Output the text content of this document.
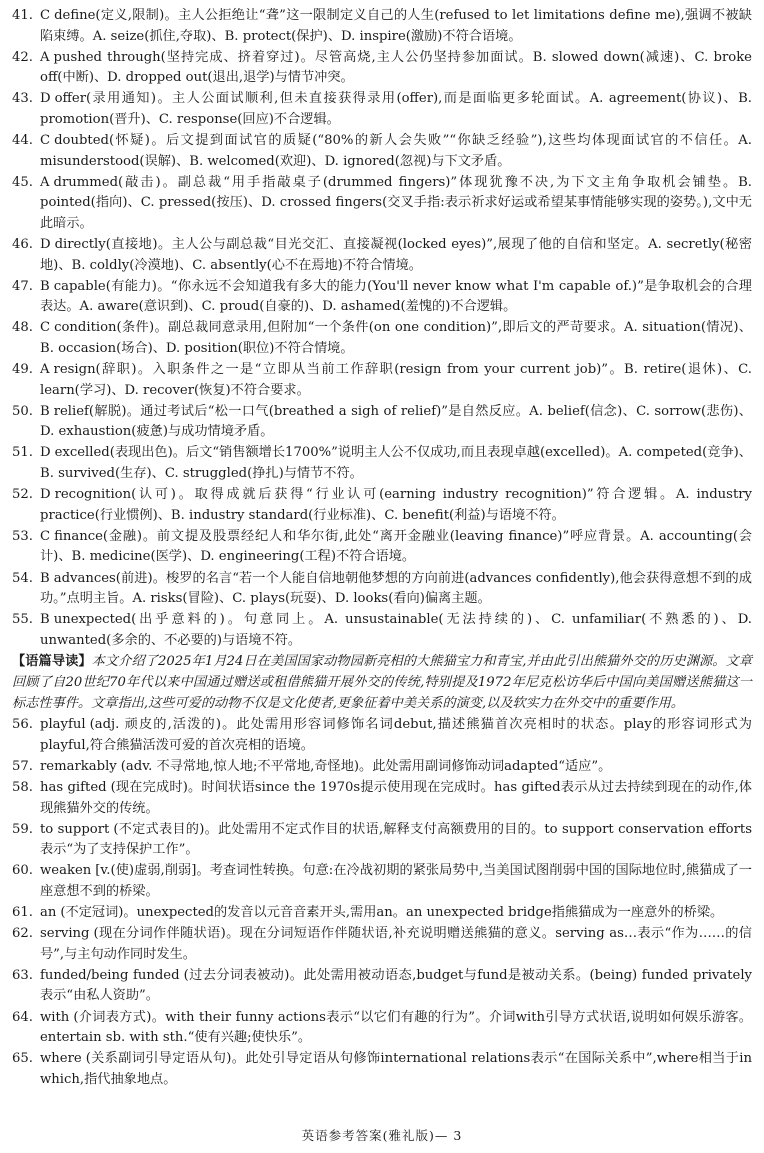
41. C define(定义,限制)。主人公拒绝让“聋”这一限制定义自己的人生(refused to let limitations define me),强调不被缺陷束缚。A. seize(抓住,夺取)、B. protect(保护)、D. inspire(激励)不符合语境。
42. A pushed through(坚持完成、挤着穿过)。尽管高烧,主人公仍坚持参加面试。B. slowed down(减速)、C. broke off(中断)、D. dropped out(退出,退学)与情节冲突。
43. D offer(录用通知)。主人公面试顺利,但未直接获得录用(offer),而是面临更多轮面试。A. agreement(协议)、B. promotion(晋升)、C. response(回应)不合逻辑。
44. C doubted(怀疑)。后文提到面试官的质疑(“80%的新人会失败”“你缺乏经验”),这些均体现面试官的不信任。A. misunderstood(误解)、B. welcomed(欢迎)、D. ignored(忽视)与下文矛盾。
45. A drummed(敲击)。副总裁“用手指敲桌子(drummed fingers)”体现犹豫不决,为下文主角争取机会铺垫。B. pointed(指向)、C. pressed(按压)、D. crossed fingers(交叉手指:表示祈求好运或希望某事情能够实现的姿势。),文中无此暗示。
46. D directly(直接地)。主人公与副总裁“目光交汇、直接凝视(locked eyes)”,展现了他的自信和坚定。A. secretly(秘密地)、B. coldly(冷漠地)、C. absently(心不在焉地)不符合情境。
47. B capable(有能力)。“你永远不会知道我有多大的能力(You'll never know what I'm capable of.)”是争取机会的合理表达。A. aware(意识到)、C. proud(自豪的)、D. ashamed(羞愧的)不合逻辑。
48. C condition(条件)。副总裁同意录用,但附加“一个条件(on one condition)”,即后文的严苛要求。A. situation(情况)、B. occasion(场合)、D. position(职位)不符合情境。
49. A resign(辞职)。入职条件之一是“立即从当前工作辞职(resign from your current job)”。B. retire(退休)、C. learn(学习)、D. recover(恢复)不符合要求。
50. B relief(解脱)。通过考试后“松一口气(breathed a sigh of relief)”是自然反应。A. belief(信念)、C. sorrow(悲伤)、D. exhaustion(疲惫)与成功情境矛盾。
51. D excelled(表现出色)。后文“销售额增长1700%”说明主人公不仅成功,而且表现卓越(excelled)。A. competed(竞争)、B. survived(生存)、C. struggled(挣扎)与情节不符。
52. D recognition(认可)。取得成就后获得“行业认可(earning industry recognition)”符合逻辑。A. industry practice(行业惯例)、B. industry standard(行业标准)、C. benefit(利益)与语境不符。
53. C finance(金融)。前文提及股票经纪人和华尔街,此处“离开金融业(leaving finance)”呼应背景。A. accounting(会计)、B. medicine(医学)、D. engineering(工程)不符合语境。
54. B advances(前进)。梭罗的名言“若一个人能自信地朝他梦想的方向前进(advances confidently),他会获得意想不到的成功。”点明主旨。A. risks(冒险)、C. plays(玩耍)、D. looks(看向)偏离主题。
55. B unexpected(出乎意料的)。句意同上。A. unsustainable(无法持续的)、C. unfamiliar(不熟悉的)、D. unwanted(多余的、不必要的)与语境不符。
【语篇导读】本文介绍了2025年1月24日在美国国家动物园新亮相的大熊猫宝力和青宝,并由此引出熊猫外交的历史渊源。文章回顾了自20世纪70年代以来中国通过赠送或租借熊猫开展外交的传统,特别提及1972年尼克松访华后中国向美国赠送熊猫这一标志性事件。文章指出,这些可爱的动物不仅是文化使者,更象征着中美关系的演变,以及软实力在外交中的重要作用。
56. playful (adj. 顽皮的,活泼的)。此处需用形容词修饰名词debut,描述熊猫首次亮相时的状态。play的形容词形式为playful,符合熊猫活泼可爱的首次亮相的语境。
57. remarkably (adv. 不寻常地,惊人地;不平常地,奇怪地)。此处需用副词修饰动词adapted“适应”。
58. has gifted (现在完成时)。时间状语since the 1970s提示使用现在完成时。has gifted表示从过去持续到现在的动作,体现熊猫外交的传统。
59. to support (不定式表目的)。此处需用不定式作目的状语,解释支付高额费用的目的。to support conservation efforts表示“为了支持保护工作”。
60. weaken [v.(使)虚弱,削弱]。考查词性转换。句意:在冷战初期的紧张局势中,当美国试图削弱中国的国际地位时,熊猫成了一座意想不到的桥梁。
61. an (不定冠词)。unexpected的发音以元音音素开头,需用an。an unexpected bridge指熊猫成为一座意外的桥梁。
62. serving (现在分词作伴随状语)。现在分词短语作伴随状语,补充说明赠送熊猫的意义。serving as…表示“作为……的信号”,与主句动作同时发生。
63. funded/being funded (过去分词表被动)。此处需用被动语态,budget与fund是被动关系。(being) funded privately表示“由私人资助”。
64. with (介词表方式)。with their funny actions表示“以它们有趣的行为”。介词with引导方式状语,说明如何娱乐游客。entertain sb. with sth.“使有兴趣;使快乐”。
65. where (关系副词引导定语从句)。此处引导定语从句修饰international relations表示“在国际关系中”,where相当于in which,指代抽象地点。
英语参考答案(雅礼版)— 3
